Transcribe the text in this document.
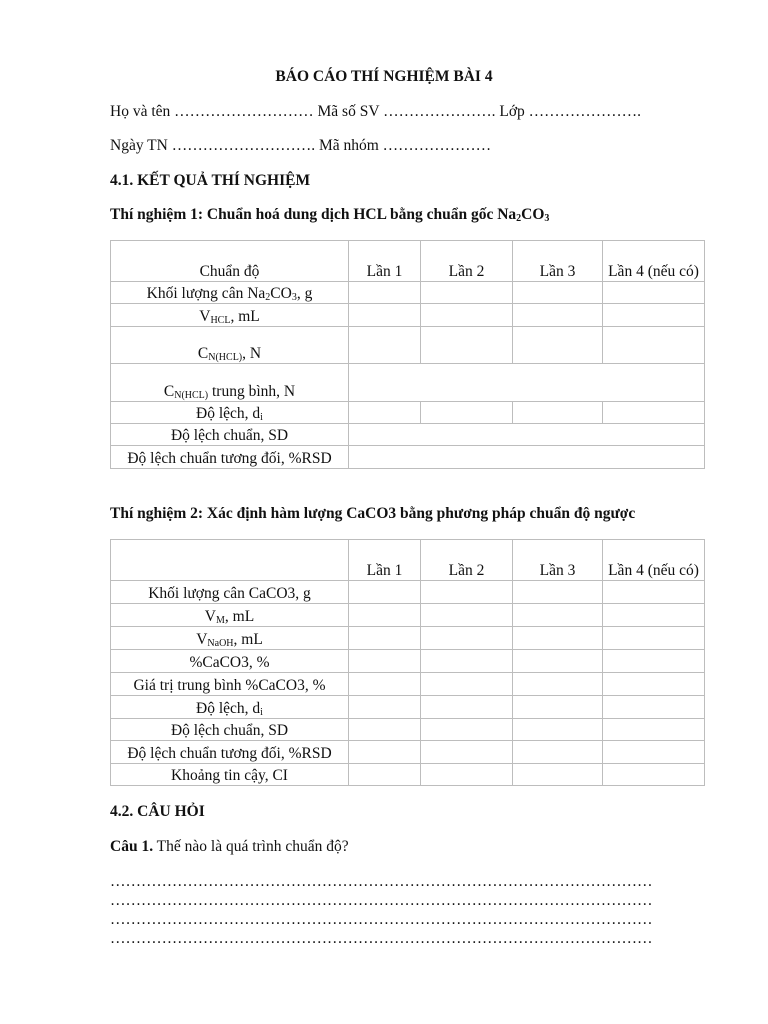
BÁO CÁO THÍ NGHIỆM BÀI 4
Họ và tên ……………………… Mã số SV …………………. Lớp ………………….
Ngày TN ………………………. Mã nhóm …………………
4.1. KẾT QUẢ THÍ NGHIỆM
Thí nghiệm 1: Chuẩn hoá dung dịch HCL bằng chuẩn gốc $Na_2CO_3$
Chuẩn độ	Lần 1	Lần 2	Lần 3	Lần 4 (nếu có)
Khối lượng cân $Na_2CO_3$, g				
$V_{HCL}$, mL				
$C_{N(HCL)}$, N				
$C_{N(HCL)}$ trung bình, N				
Độ lệch, $d_i$				
Độ lệch chuẩn, SD				
Độ lệch chuẩn tương đối, %RSD				
Thí nghiệm 2: Xác định hàm lượng CaCO3 bằng phương pháp chuẩn độ ngược
	Lần 1	Lần 2	Lần 3	Lần 4 (nếu có)
Khối lượng cân CaCO3, g				
$V_M$, mL				
$V_{NaOH}$, mL				
%CaCO3, %				
Giá trị trung bình %CaCO3, %				
Độ lệch, $d_i$				
Độ lệch chuẩn, SD				
Độ lệch chuẩn tương đối, %RSD				
Khoảng tin cậy, CI				
4.2. CÂU HỎI
Câu 1. Thế nào là quá trình chuẩn độ?
……………………………………………………………………………………………
……………………………………………………………………………………………
……………………………………………………………………………………………
……………………………………………………………………………………………
